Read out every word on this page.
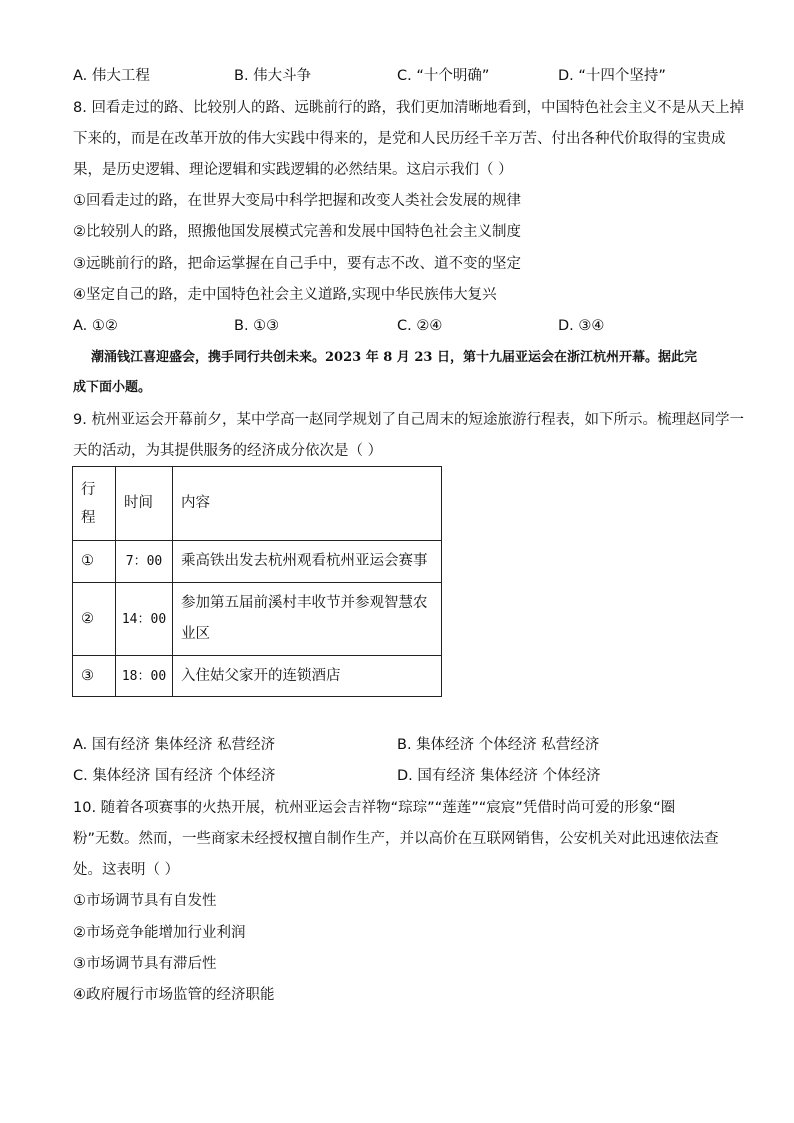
A. 伟大工程	B. 伟大斗争	C. “十个明确”	D. “十四个坚持”
8. 回看走过的路、比较别人的路、远眺前行的路，我们更加清晰地看到，中国特色社会主义不是从天上掉
下来的，而是在改革开放的伟大实践中得来的，是党和人民历经千辛万苦、付出各种代价取得的宝贵成
果，是历史逻辑、理论逻辑和实践逻辑的必然结果。这启示我们（ ）
①回看走过的路，在世界大变局中科学把握和改变人类社会发展的规律
②比较别人的路，照搬他国发展模式完善和发展中国特色社会主义制度
③远眺前行的路，把命运掌握在自己手中，要有志不改、道不变的坚定
④坚定自己的路，走中国特色社会主义道路,实现中华民族伟大复兴
A. ①②	B. ①③	C. ②④	D. ③④
潮涌钱江喜迎盛会，携手同行共创未来。2023 年 8 月 23 日，第十九届亚运会在浙江杭州开幕。据此完
成下面小题。
9. 杭州亚运会开幕前夕，某中学高一赵同学规划了自己周末的短途旅游行程表，如下所示。梳理赵同学一
天的活动，为其提供服务的经济成分依次是（ ）
行
程	时间	内容
①	7：00	乘高铁出发去杭州观看杭州亚运会赛事
②	14：00	参加第五届前溪村丰收节并参观智慧农
业区

③	18：00	入住姑父家开的连锁酒店
A. 国有经济 集体经济 私营经济	B. 集体经济 个体经济 私营经济
C. 集体经济 国有经济 个体经济	D. 国有经济 集体经济 个体经济
10. 随着各项赛事的火热开展，杭州亚运会吉祥物“琮琮”“莲莲”“宸宸”凭借时尚可爱的形象“圈
粉”无数。然而，一些商家未经授权擅自制作生产，并以高价在互联网销售，公安机关对此迅速依法查
处。这表明（ ）
①市场调节具有自发性
②市场竞争能增加行业利润
③市场调节具有滞后性
④政府履行市场监管的经济职能
